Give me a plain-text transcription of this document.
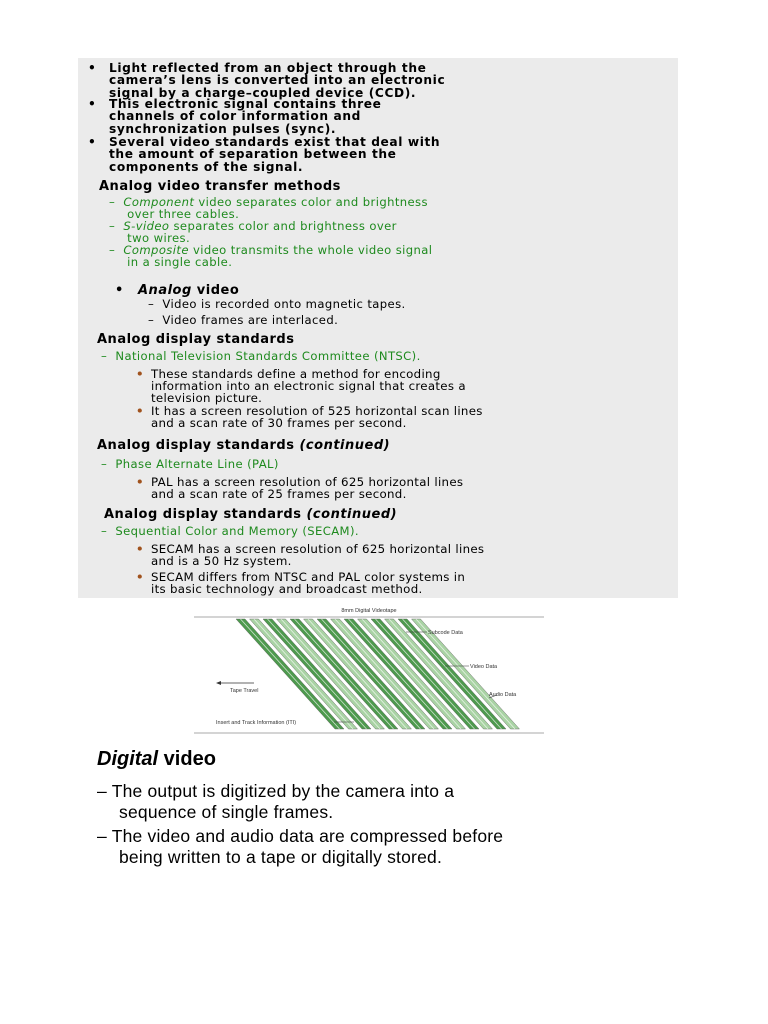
• Light reflected from an object through the
camera’s lens is converted into an electronic
signal by a charge–coupled device (CCD).
• This electronic signal contains three
channels of color information and
synchronization pulses (sync).
• Several video standards exist that deal with
the amount of separation between the
components of the signal.
Analog video transfer methods
– Component video separates color and brightness
over three cables.
– S-video separates color and brightness over
two wires.
– Composite video transmits the whole video signal
in a single cable.
• Analog video
– Video is recorded onto magnetic tapes.
– Video frames are interlaced.
Analog display standards
– National Television Standards Committee (NTSC).
• These standards define a method for encoding
information into an electronic signal that creates a
television picture.
• It has a screen resolution of 525 horizontal scan lines
and a scan rate of 30 frames per second.
Analog display standards (continued)
– Phase Alternate Line (PAL)
• PAL has a screen resolution of 625 horizontal lines
and a scan rate of 25 frames per second.
Analog display standards (continued)
– Sequential Color and Memory (SECAM).
• SECAM has a screen resolution of 625 horizontal lines
and is a 50 Hz system.
• SECAM differs from NTSC and PAL color systems in
its basic technology and broadcast method.
8mm Digital Videotape
Subcode Data
Video Data
Audio Data
Tape Travel
Insert and Track Information (ITI)
Digital video
– The output is digitized by the camera into a
sequence of single frames.
– The video and audio data are compressed before
being written to a tape or digitally stored.
